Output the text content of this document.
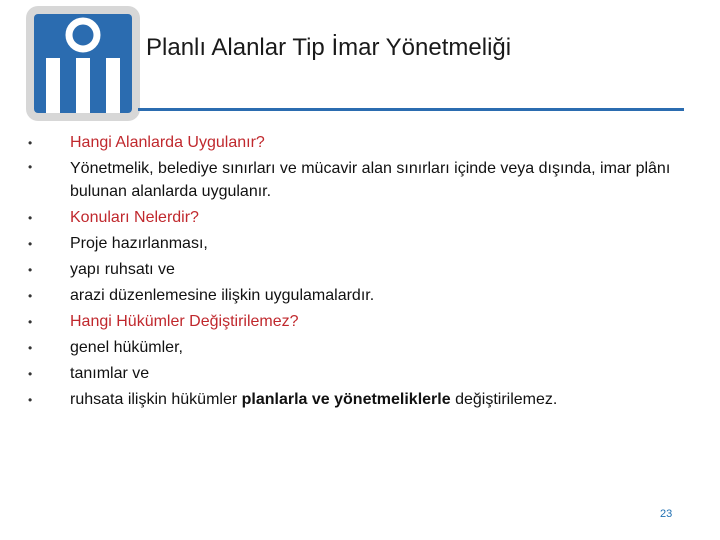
Planlı Alanlar Tip İmar Yönetmeliği
•	Hangi Alanlarda Uygulanır?
•	Yönetmelik, belediye sınırları ve mücavir alan sınırları içinde veya dışında, imar plânı bulunan alanlarda uygulanır.
•	Konuları Nelerdir?
•	Proje hazırlanması,
•	yapı ruhsatı ve
•	arazi düzenlemesine ilişkin uygulamalardır.
•	Hangi Hükümler Değiştirilemez?
•	genel hükümler,
•	tanımlar ve
•	ruhsata ilişkin hükümler planlarla ve yönetmeliklerle değiştirilemez.
23
